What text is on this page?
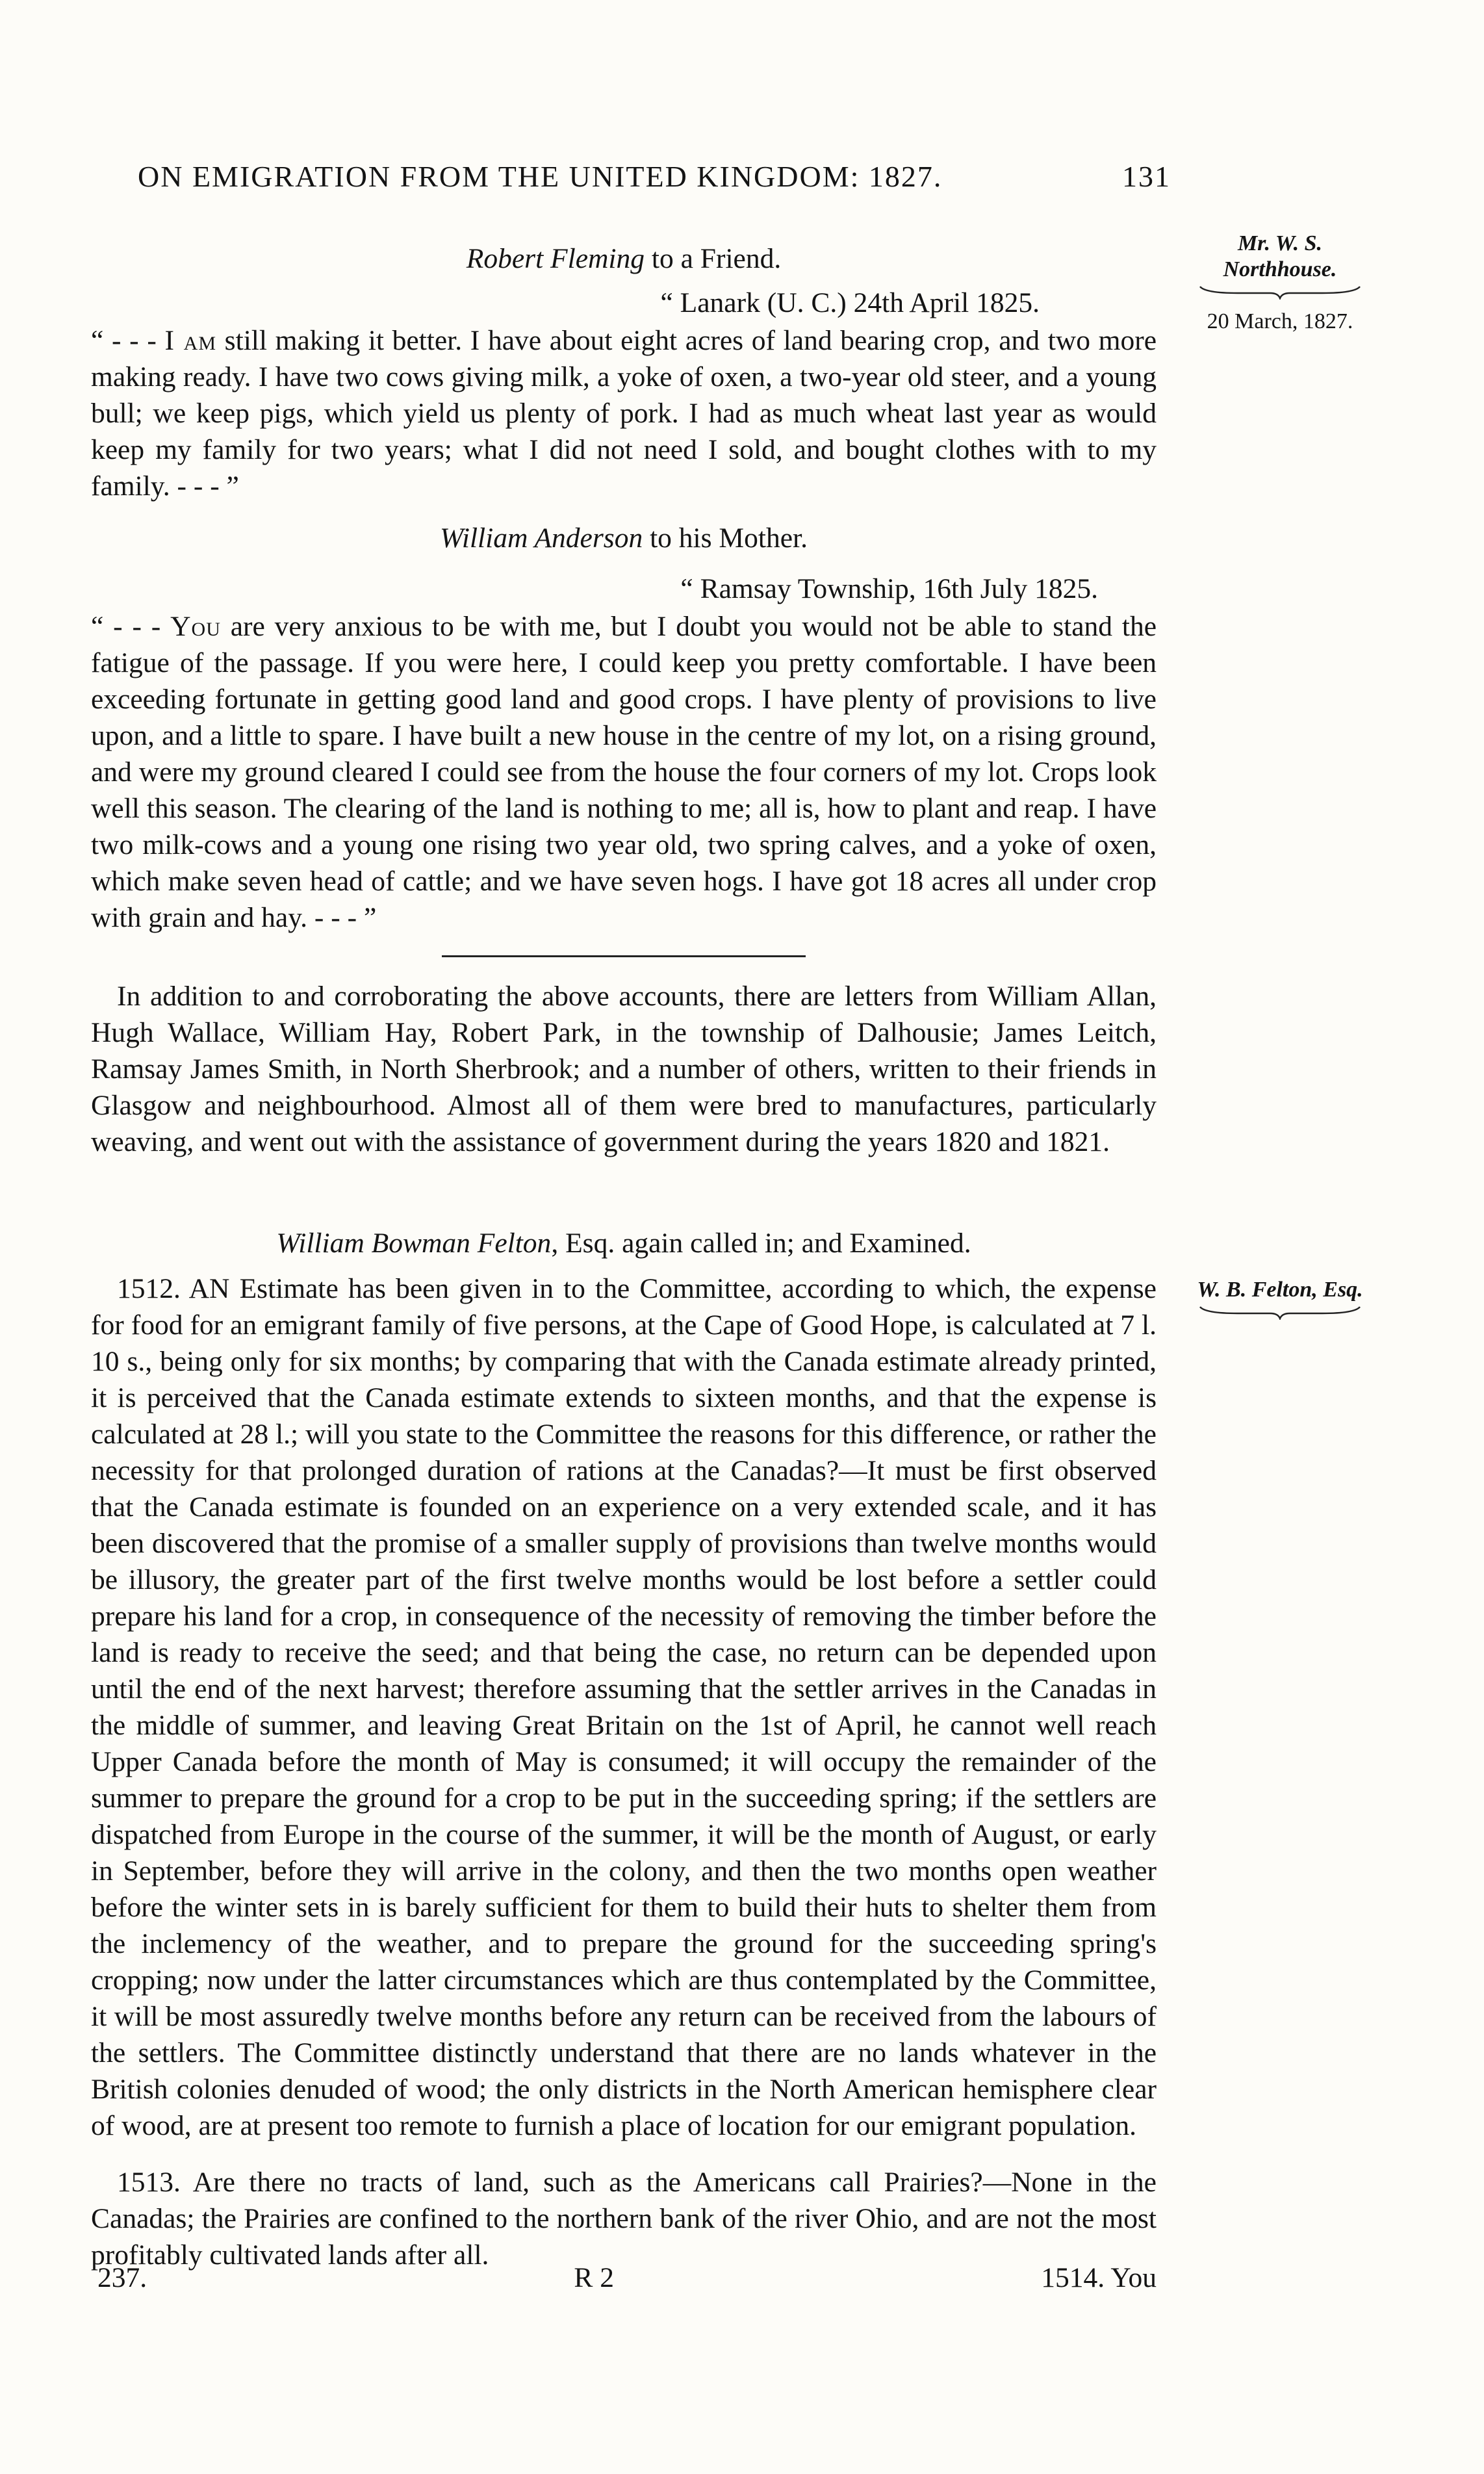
ON EMIGRATION FROM THE UNITED KINGDOM: 1827.	131
Mr. W. S. Northhouse.
20 March, 1827.
W. B. Felton, Esq.
Robert Fleming to a Friend.
“ Lanark (U. C.) 24th April 1825.

“ - - - I am still making it better. I have about eight acres of land bearing crop, and two more making ready. I have two cows giving milk, a yoke of oxen, a two-year old steer, and a young bull; we keep pigs, which yield us plenty of pork. I had as much wheat last year as would keep my family for two years; what I did not need I sold, and bought clothes with to my family. - - - ”

William Anderson to his Mother.
“ Ramsay Township, 16th July 1825.

“ - - - You are very anxious to be with me, but I doubt you would not be able to stand the fatigue of the passage. If you were here, I could keep you pretty comfortable. I have been exceeding fortunate in getting good land and good crops. I have plenty of provisions to live upon, and a little to spare. I have built a new house in the centre of my lot, on a rising ground, and were my ground cleared I could see from the house the four corners of my lot. Crops look well this season. The clearing of the land is nothing to me; all is, how to plant and reap. I have two milk-cows and a young one rising two year old, two spring calves, and a yoke of oxen, which make seven head of cattle; and we have seven hogs. I have got 18 acres all under crop with grain and hay. - - - ”

In addition to and corroborating the above accounts, there are letters from William Allan, Hugh Wallace, William Hay, Robert Park, in the township of Dalhousie; James Leitch, Ramsay James Smith, in North Sherbrook; and a number of others, written to their friends in Glasgow and neighbourhood. Almost all of them were bred to manufactures, particularly weaving, and went out with the assistance of government during the years 1820 and 1821.

William Bowman Felton, Esq. again called in; and Examined.

1512. AN Estimate has been given in to the Committee, according to which, the expense for food for an emigrant family of five persons, at the Cape of Good Hope, is calculated at 7 l. 10 s., being only for six months; by comparing that with the Canada estimate already printed, it is perceived that the Canada estimate extends to sixteen months, and that the expense is calculated at 28 l.; will you state to the Committee the reasons for this difference, or rather the necessity for that prolonged duration of rations at the Canadas?—It must be first observed that the Canada estimate is founded on an experience on a very extended scale, and it has been discovered that the promise of a smaller supply of provisions than twelve months would be illusory, the greater part of the first twelve months would be lost before a settler could prepare his land for a crop, in consequence of the necessity of removing the timber before the land is ready to receive the seed; and that being the case, no return can be depended upon until the end of the next harvest; therefore assuming that the settler arrives in the Canadas in the middle of summer, and leaving Great Britain on the 1st of April, he cannot well reach Upper Canada before the month of May is consumed; it will occupy the remainder of the summer to prepare the ground for a crop to be put in the succeeding spring; if the settlers are dispatched from Europe in the course of the summer, it will be the month of August, or early in September, before they will arrive in the colony, and then the two months open weather before the winter sets in is barely sufficient for them to build their huts to shelter them from the inclemency of the weather, and to prepare the ground for the succeeding spring's cropping; now under the latter circumstances which are thus contemplated by the Committee, it will be most assuredly twelve months before any return can be received from the labours of the settlers. The Committee distinctly understand that there are no lands whatever in the British colonies denuded of wood; the only districts in the North American hemisphere clear of wood, are at present too remote to furnish a place of location for our emigrant population.

1513. Are there no tracts of land, such as the Americans call Prairies?—None in the Canadas; the Prairies are confined to the northern bank of the river Ohio, and are not the most profitably cultivated lands after all.

237.	R 2	1514. You
